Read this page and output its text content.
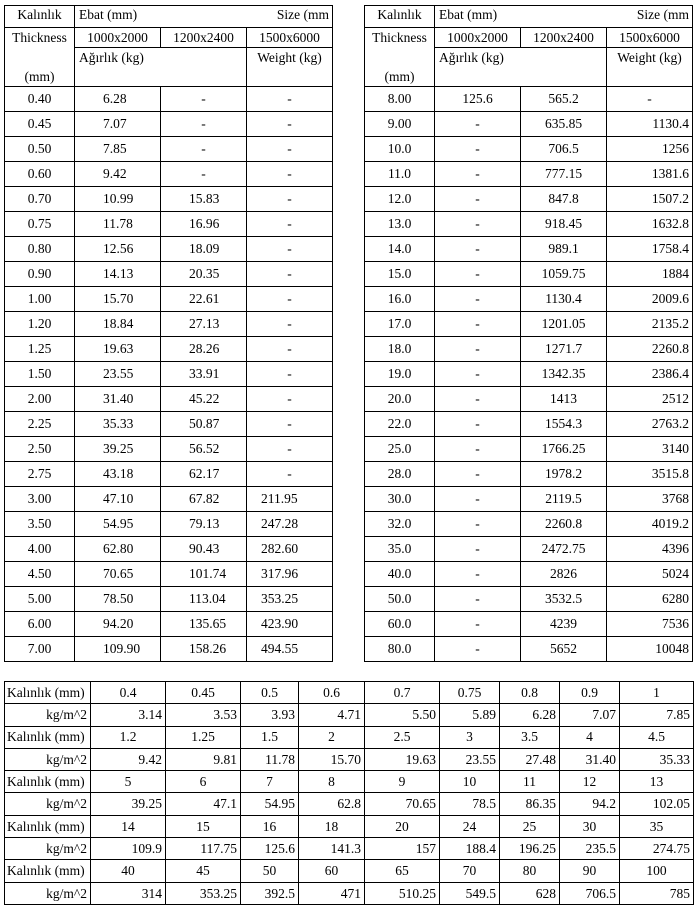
Kalınlık	Ebat (mm)		Size (mm
Thickness	1000x2000	1200x2400	1500x6000
(mm)	Ağırlık (kg)		Weight (kg)
0.40	6.28	-	-
0.45	7.07	-	-
0.50	7.85	-	-
0.60	9.42	-	-
0.70	10.99	15.83	-
0.75	11.78	16.96	-
0.80	12.56	18.09	-
0.90	14.13	20.35	-
1.00	15.70	22.61	-
1.20	18.84	27.13	-
1.25	19.63	28.26	-
1.50	23.55	33.91	-
2.00	31.40	45.22	-
2.25	35.33	50.87	-
2.50	39.25	56.52	-
2.75	43.18	62.17	-
3.00	47.10	67.82	211.95
3.50	54.95	79.13	247.28
4.00	62.80	90.43	282.60
4.50	70.65	101.74	317.96
5.00	78.50	113.04	353.25
6.00	94.20	135.65	423.90
7.00	109.90	158.26	494.55
Kalınlık	Ebat (mm)		Size (mm
Thickness	1000x2000	1200x2400	1500x6000
(mm)	Ağırlık (kg)		Weight (kg)
8.00	125.6	565.2	-
9.00	-	635.85	1130.4
10.0	-	706.5	1256
11.0	-	777.15	1381.6
12.0	-	847.8	1507.2
13.0	-	918.45	1632.8
14.0	-	989.1	1758.4
15.0	-	1059.75	1884
16.0	-	1130.4	2009.6
17.0	-	1201.05	2135.2
18.0	-	1271.7	2260.8
19.0	-	1342.35	2386.4
20.0	-	1413	2512
22.0	-	1554.3	2763.2
25.0	-	1766.25	3140
28.0	-	1978.2	3515.8
30.0	-	2119.5	3768
32.0	-	2260.8	4019.2
35.0	-	2472.75	4396
40.0	-	2826	5024
50.0	-	3532.5	6280
60.0	-	4239	7536
80.0	-	5652	10048
Kalınlık (mm)	0.4	0.45	0.5	0.6	0.7	0.75	0.8	0.9	1
kg/m^2	3.14	3.53	3.93	4.71	5.50	5.89	6.28	7.07	7.85
Kalınlık (mm)	1.2	1.25	1.5	2	2.5	3	3.5	4	4.5
kg/m^2	9.42	9.81	11.78	15.70	19.63	23.55	27.48	31.40	35.33
Kalınlık (mm)	5	6	7	8	9	10	11	12	13
kg/m^2	39.25	47.1	54.95	62.8	70.65	78.5	86.35	94.2	102.05
Kalınlık (mm)	14	15	16	18	20	24	25	30	35
kg/m^2	109.9	117.75	125.6	141.3	157	188.4	196.25	235.5	274.75
Kalınlık (mm)	40	45	50	60	65	70	80	90	100
kg/m^2	314	353.25	392.5	471	510.25	549.5	628	706.5	785
